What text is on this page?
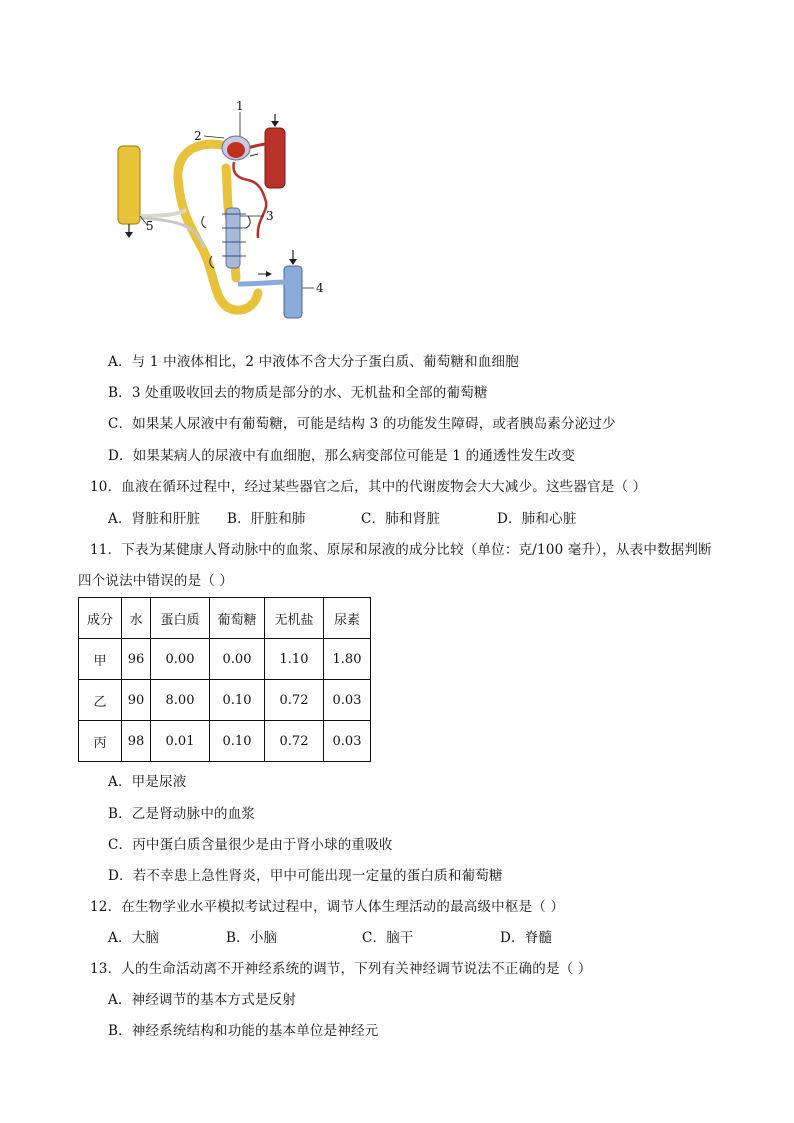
1
2
3
4
5
A．与 1 中液体相比，2 中液体不含大分子蛋白质、葡萄糖和血细胞
B．3 处重吸收回去的物质是部分的水、无机盐和全部的葡萄糖
C．如果某人尿液中有葡萄糖，可能是结构 3 的功能发生障碍，或者胰岛素分泌过少
D．如果某病人的尿液中有血细胞，那么病变部位可能是 1 的通透性发生改变
10．血液在循环过程中，经过某些器官之后，其中的代谢废物会大大减少。这些器官是（ ）
A．肾脏和肝脏 B．肝脏和肺	C．肺和肾脏	D．肺和心脏
11．下表为某健康人肾动脉中的血浆、原尿和尿液的成分比较（单位：克/100 毫升），从表中数据判断
四个说法中错误的是（ ）
成分	水	蛋白质	葡萄糖	无机盐	尿素
甲	96	0.00	0.00	1.10	1.80
乙	90	8.00	0.10	0.72	0.03
丙	98	0.01	0.10	0.72	0.03
A．甲是尿液
B．乙是肾动脉中的血浆
C．丙中蛋白质含量很少是由于肾小球的重吸收
D．若不幸患上急性肾炎，甲中可能出现一定量的蛋白质和葡萄糖
12．在生物学业水平模拟考试过程中，调节人体生理活动的最高级中枢是（ ）
A．大脑	B．小脑	C．脑干	D．脊髓
13．人的生命活动离不开神经系统的调节，下列有关神经调节说法不正确的是（ ）
A．神经调节的基本方式是反射
B．神经系统结构和功能的基本单位是神经元
